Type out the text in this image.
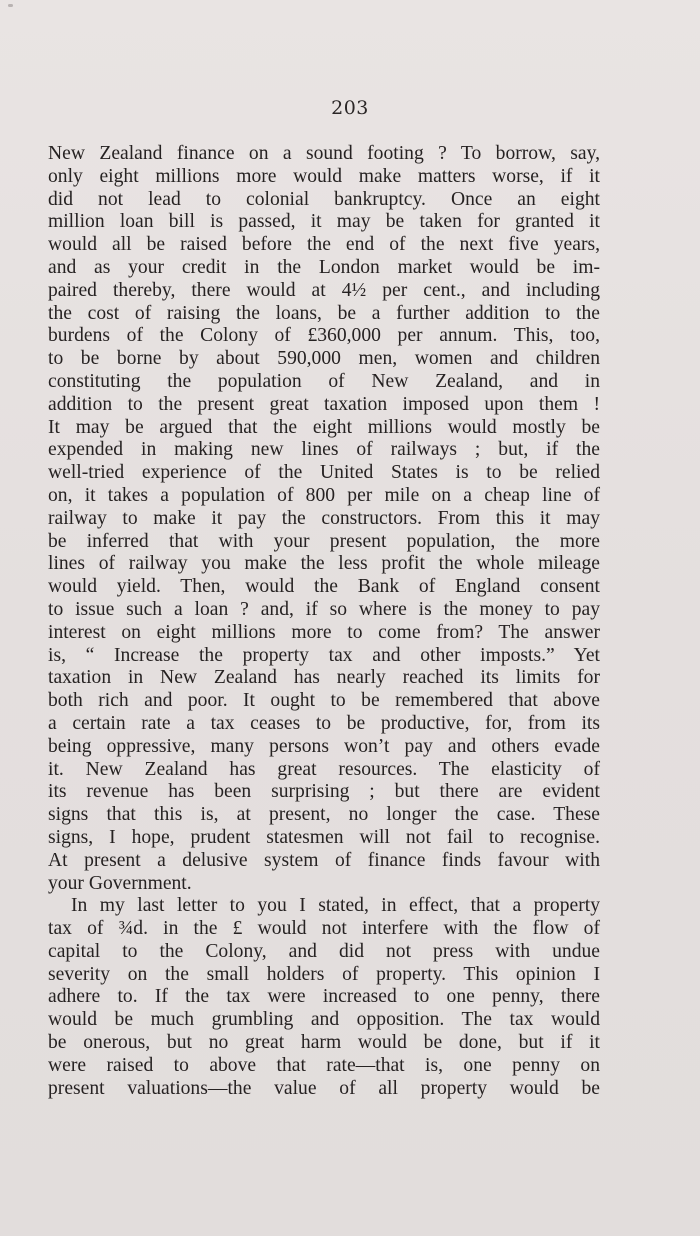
203
New Zealand finance on a sound footing ? To borrow, say,
only eight millions more would make matters worse, if it
did not lead to colonial bankruptcy. Once an eight
million loan bill is passed, it may be taken for granted it
would all be raised before the end of the next five years,
and as your credit in the London market would be im-
paired thereby, there would at 4½ per cent., and including
the cost of raising the loans, be a further addition to the
burdens of the Colony of £360,000 per annum. This, too,
to be borne by about 590,000 men, women and children
constituting the population of New Zealand, and in
addition to the present great taxation imposed upon them !
It may be argued that the eight millions would mostly be
expended in making new lines of railways ; but, if the
well-tried experience of the United States is to be relied
on, it takes a population of 800 per mile on a cheap line of
railway to make it pay the constructors. From this it may
be inferred that with your present population, the more
lines of railway you make the less profit the whole mileage
would yield. Then, would the Bank of England consent
to issue such a loan ? and, if so where is the money to pay
interest on eight millions more to come from? The answer
is, “ Increase the property tax and other imposts.” Yet
taxation in New Zealand has nearly reached its limits for
both rich and poor. It ought to be remembered that above
a certain rate a tax ceases to be productive, for, from its
being oppressive, many persons won’t pay and others evade
it. New Zealand has great resources. The elasticity of
its revenue has been surprising ; but there are evident
signs that this is, at present, no longer the case. These
signs, I hope, prudent statesmen will not fail to recognise.
At present a delusive system of finance finds favour with
your Government.
In my last letter to you I stated, in effect, that a property
tax of ¾d. in the £ would not interfere with the flow of
capital to the Colony, and did not press with undue
severity on the small holders of property. This opinion I
adhere to. If the tax were increased to one penny, there
would be much grumbling and opposition. The tax would
be onerous, but no great harm would be done, but if it
were raised to above that rate—that is, one penny on
present valuations—the value of all property would be
